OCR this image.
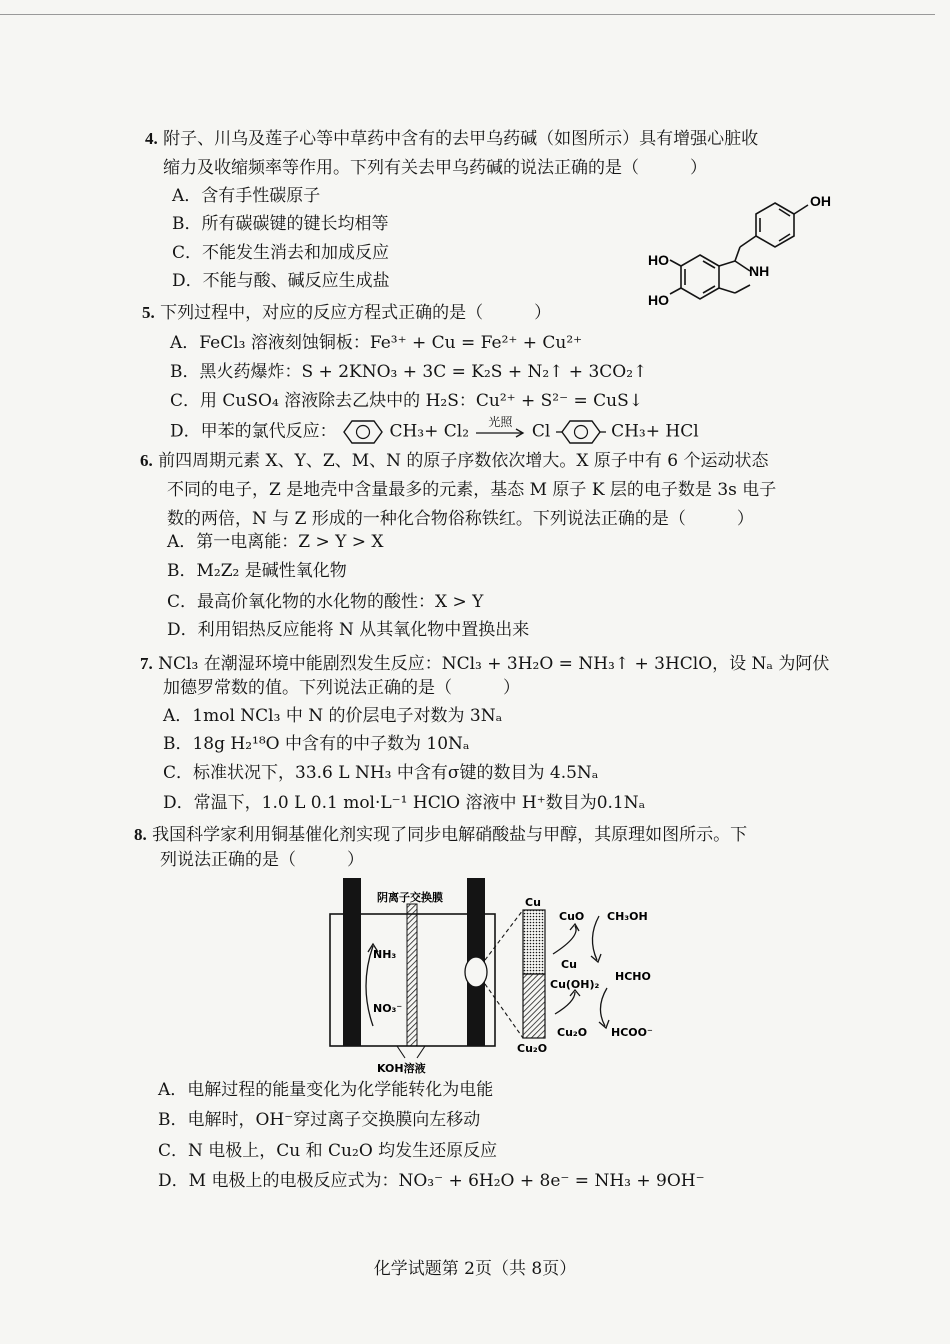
4. 附子、川乌及莲子心等中草药中含有的去甲乌药碱（如图所示）具有增强心脏收
缩力及收缩频率等作用。下列有关去甲乌药碱的说法正确的是（　　　）
A．含有手性碳原子
B．所有碳碳键的键长均相等
C．不能发生消去和加成反应
D．不能与酸、碱反应生成盐
OH
HO
HO
NH
5. 下列过程中，对应的反应方程式正确的是（　　　）
A．FeCl₃ 溶液刻蚀铜板：Fe³⁺ + Cu = Fe²⁺ + Cu²⁺
B．黑火药爆炸：S + 2KNO₃ + 3C = K₂S + N₂↑ + 3CO₂↑
C．用 CuSO₄ 溶液除去乙炔中的 H₂S：Cu²⁺ + S²⁻ = CuS↓
D．甲苯的氯代反应：	CH₃+ Cl₂	光照	Cl	CH₃+ HCl
6. 前四周期元素 X、Y、Z、M、N 的原子序数依次增大。X 原子中有 6 个运动状态
不同的电子，Z 是地壳中含量最多的元素，基态 M 原子 K 层的电子数是 3s 电子
数的两倍，N 与 Z 形成的一种化合物俗称铁红。下列说法正确的是（　　　）
A．第一电离能：Z > Y > X
B．M₂Z₂ 是碱性氧化物
C．最高价氧化物的水化物的酸性：X > Y
D．利用铝热反应能将 N 从其氧化物中置换出来
7. NCl₃ 在潮湿环境中能剧烈发生反应：NCl₃ + 3H₂O = NH₃↑ + 3HClO，设 Nₐ 为阿伏
加德罗常数的值。下列说法正确的是（　　　）
A．1mol NCl₃ 中 N 的价层电子对数为 3Nₐ
B．18g H₂¹⁸O 中含有的中子数为 10Nₐ
C．标准状况下，33.6 L NH₃ 中含有σ键的数目为 4.5Nₐ
D．常温下，1.0 L 0.1 mol·L⁻¹ HClO 溶液中 H⁺数目为0.1Nₐ
8. 我国科学家利用铜基催化剂实现了同步电解硝酸盐与甲醇，其原理如图所示。下
列说法正确的是（　　　）
阴离子交换膜
KOH溶液
NH₃
NO₃⁻
Cu
Cu₂O
CuO CH₃OH
Cu
HCHO
Cu(OH)₂
Cu₂O HCOO⁻
A．电解过程的能量变化为化学能转化为电能
B．电解时，OH⁻穿过离子交换膜向左移动
C．N 电极上，Cu 和 Cu₂O 均发生还原反应
D．M 电极上的电极反应式为：NO₃⁻ + 6H₂O + 8e⁻ = NH₃ + 9OH⁻
化学试题第 2页（共 8页）
